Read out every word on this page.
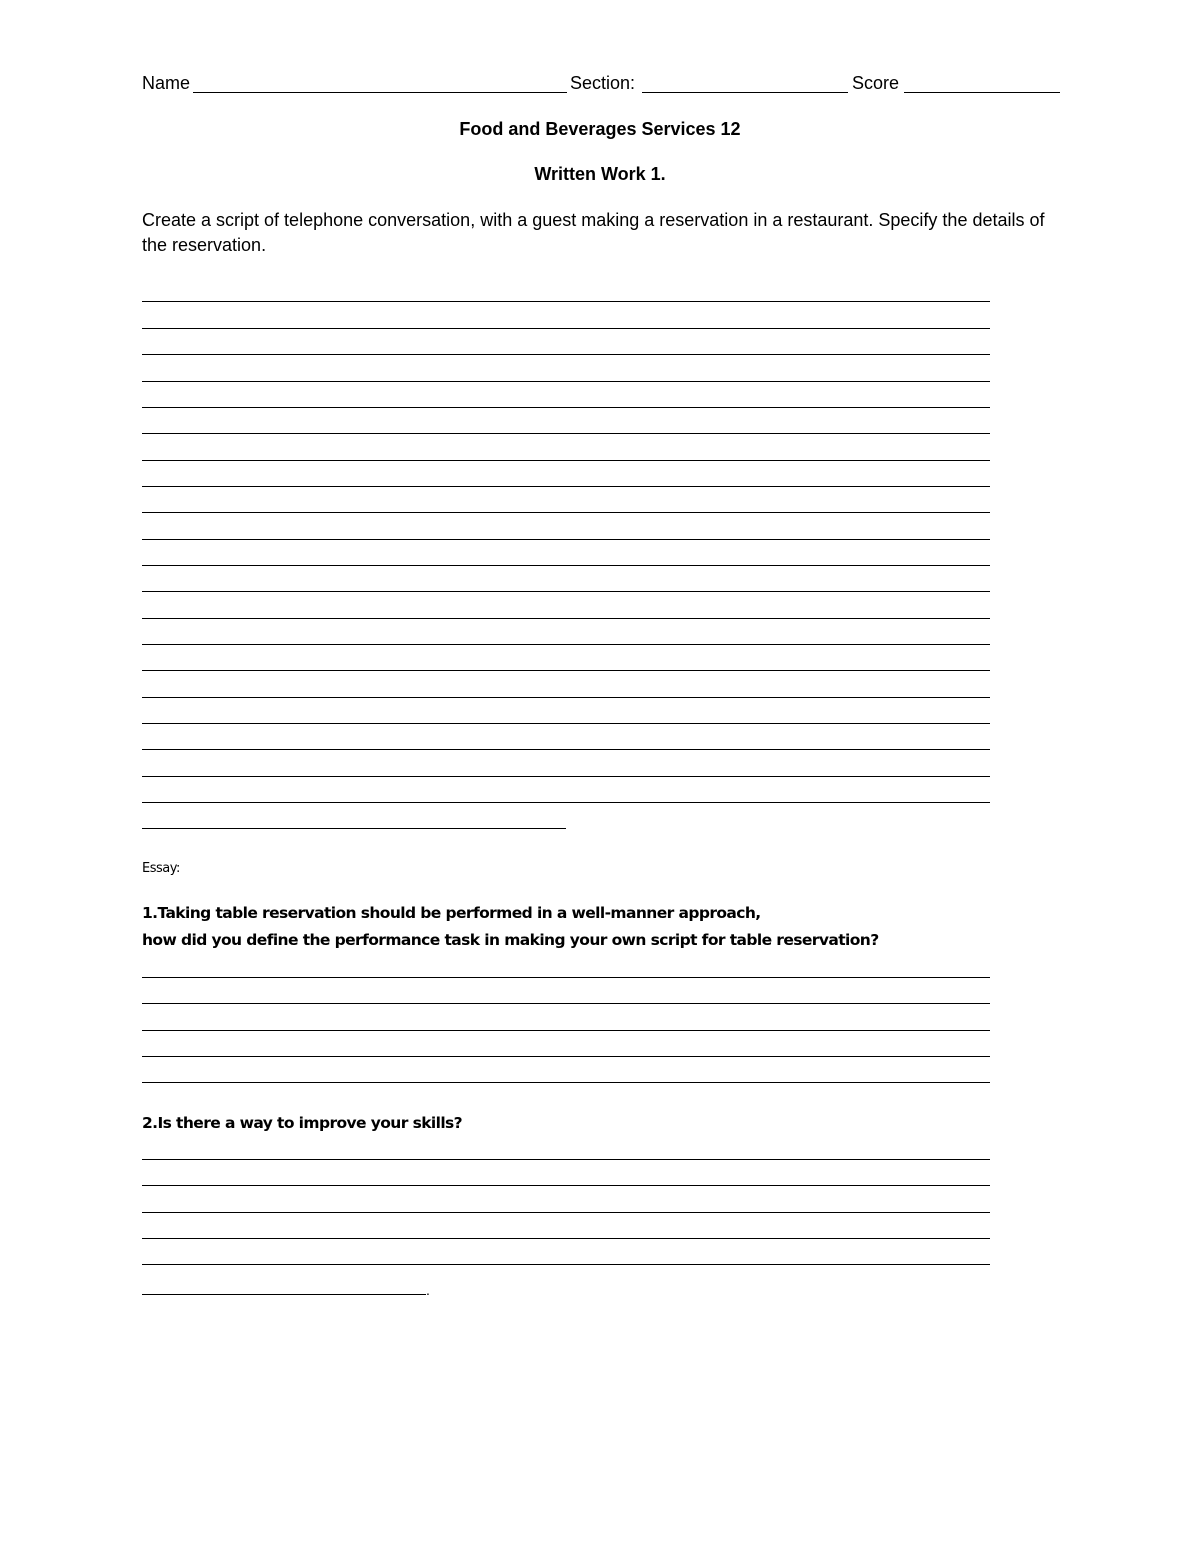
Name	Section:	Score
Food and Beverages Services 12
Written Work 1.
Create a script of telephone conversation, with a guest making a reservation in a restaurant. Specify the details of the reservation.
Essay:
1.Taking table reservation should be performed in a well-manner approach,
how did you define the performance task in making your own script for table reservation?
2.Is there a way to improve your skills?
.
